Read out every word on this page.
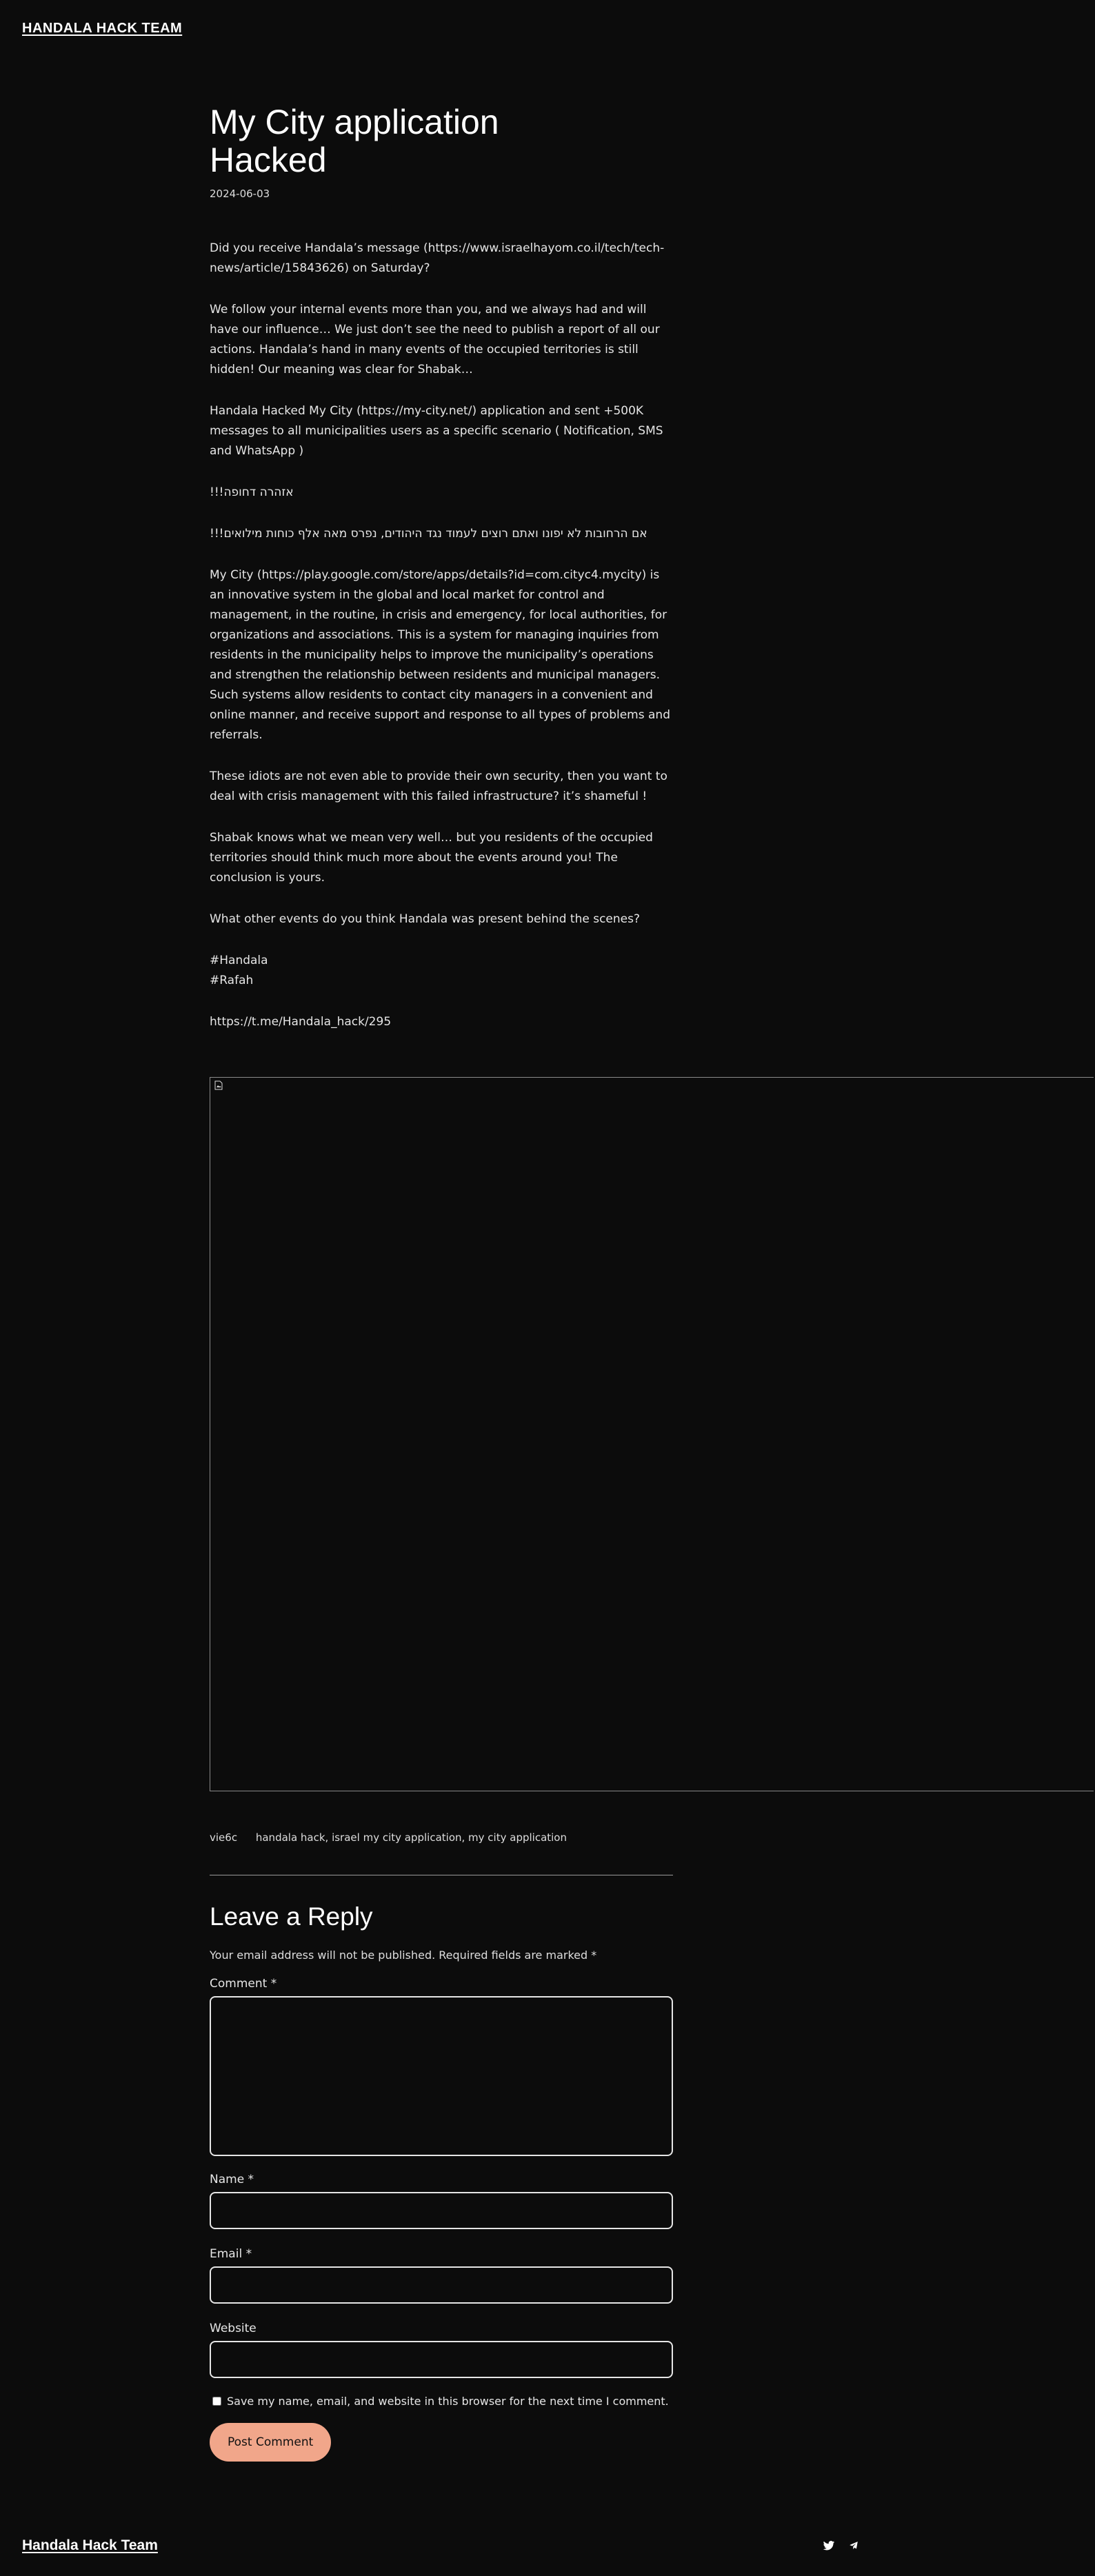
HANDALA HACK TEAM
My City application Hacked
2024-06-03

Did you receive Handala’s message (https://www.israelhayom.co.il/tech/tech-news/article/15843626) on Saturday?

We follow your internal events more than you, and we always had and will have our influence… We just don’t see the need to publish a report of all our actions. Handala’s hand in many events of the occupied territories is still hidden! Our meaning was clear for Shabak…

Handala Hacked My City (https://my-city.net/) application and sent +500K messages to all municipalities users as a specific scenario ( Notification, SMS and WhatsApp )

אזהרה דחופה!!!

אם הרחובות לא יפונו ואתם רוצים לעמוד נגד היהודים, נפרס מאה אלף כוחות מילואים!!!

My City (https://play.google.com/store/apps/details?id=com.cityc4.mycity) is an innovative system in the global and local market for control and management, in the routine, in crisis and emergency, for local authorities, for organizations and associations. This is a system for managing inquiries from residents in the municipality helps to improve the municipality’s operations and strengthen the relationship between residents and municipal managers. Such systems allow residents to contact city managers in a convenient and online manner, and receive support and response to all types of problems and referrals.

These idiots are not even able to provide their own security, then you want to deal with crisis management with this failed infrastructure? it’s shameful !

Shabak knows what we mean very well… but you residents of the occupied territories should think much more about the events around you! The conclusion is yours.

What other events do you think Handala was present behind the scenes?

#Handala
#Rafah

https://t.me/Handala_hack/295

vie6c handala hack, israel my city application, my city application
Leave a Reply
Your email address will not be published. Required fields are marked *
Comment *
Name *
Email *
Website
Save my name, email, and website in this browser for the next time I comment.
Post Comment
Handala Hack Team
